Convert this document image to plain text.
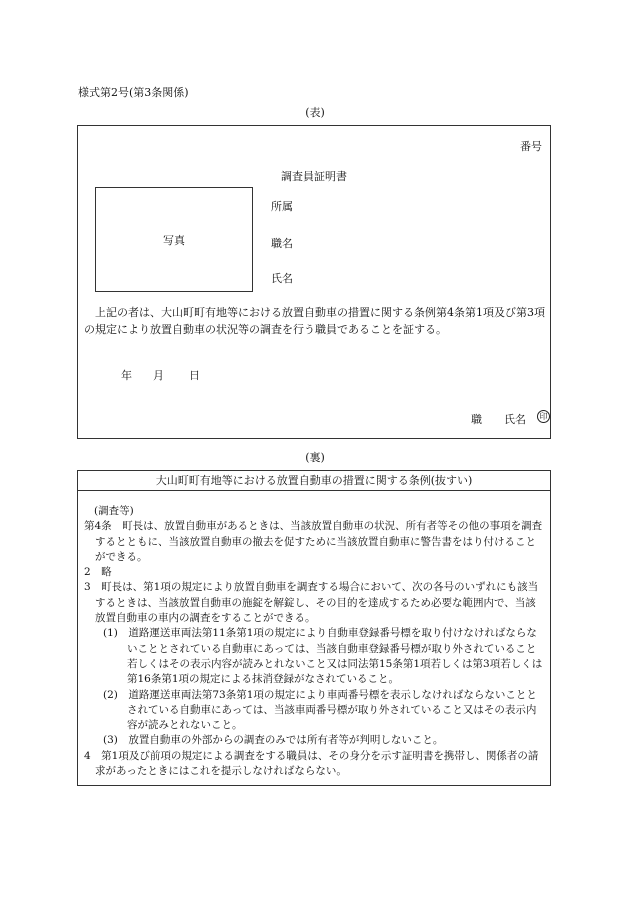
様式第2号(第3条関係)
(表)
番号
調査員証明書
写真
所属
職名
氏名

上記の者は、大山町町有地等における放置自動車の措置に関する条例第4条第1項及び第3項の規定により放置自動車の状況等の調査を行う職員であることを証する。

年 月 日
職 氏名 印
(裏)
大山町町有地等における放置自動車の措置に関する条例(抜すい)

(調査等)

第4条　町長は、放置自動車があるときは、当該放置自動車の状況、所有者等その他の事項を調査するとともに、当該放置自動車の撤去を促すために当該放置自動車に警告書をはり付けることができる。

2　略

3　町長は、第1項の規定により放置自動車を調査する場合において、次の各号のいずれにも該当するときは、当該放置自動車の施錠を解錠し、その目的を達成するため必要な範囲内で、当該放置自動車の車内の調査をすることができる。

(1)　道路運送車両法第11条第1項の規定により自動車登録番号標を取り付けなければならないこととされている自動車にあっては、当該自動車登録番号標が取り外されていること若しくはその表示内容が読みとれないこと又は同法第15条第1項若しくは第3項若しくは第16条第1項の規定による抹消登録がなされていること。

(2)　道路運送車両法第73条第1項の規定により車両番号標を表示しなければならないこととされている自動車にあっては、当該車両番号標が取り外されていること又はその表示内容が読みとれないこと。

(3)　放置自動車の外部からの調査のみでは所有者等が判明しないこと。

4　第1項及び前項の規定による調査をする職員は、その身分を示す証明書を携帯し、関係者の請求があったときにはこれを提示しなければならない。
